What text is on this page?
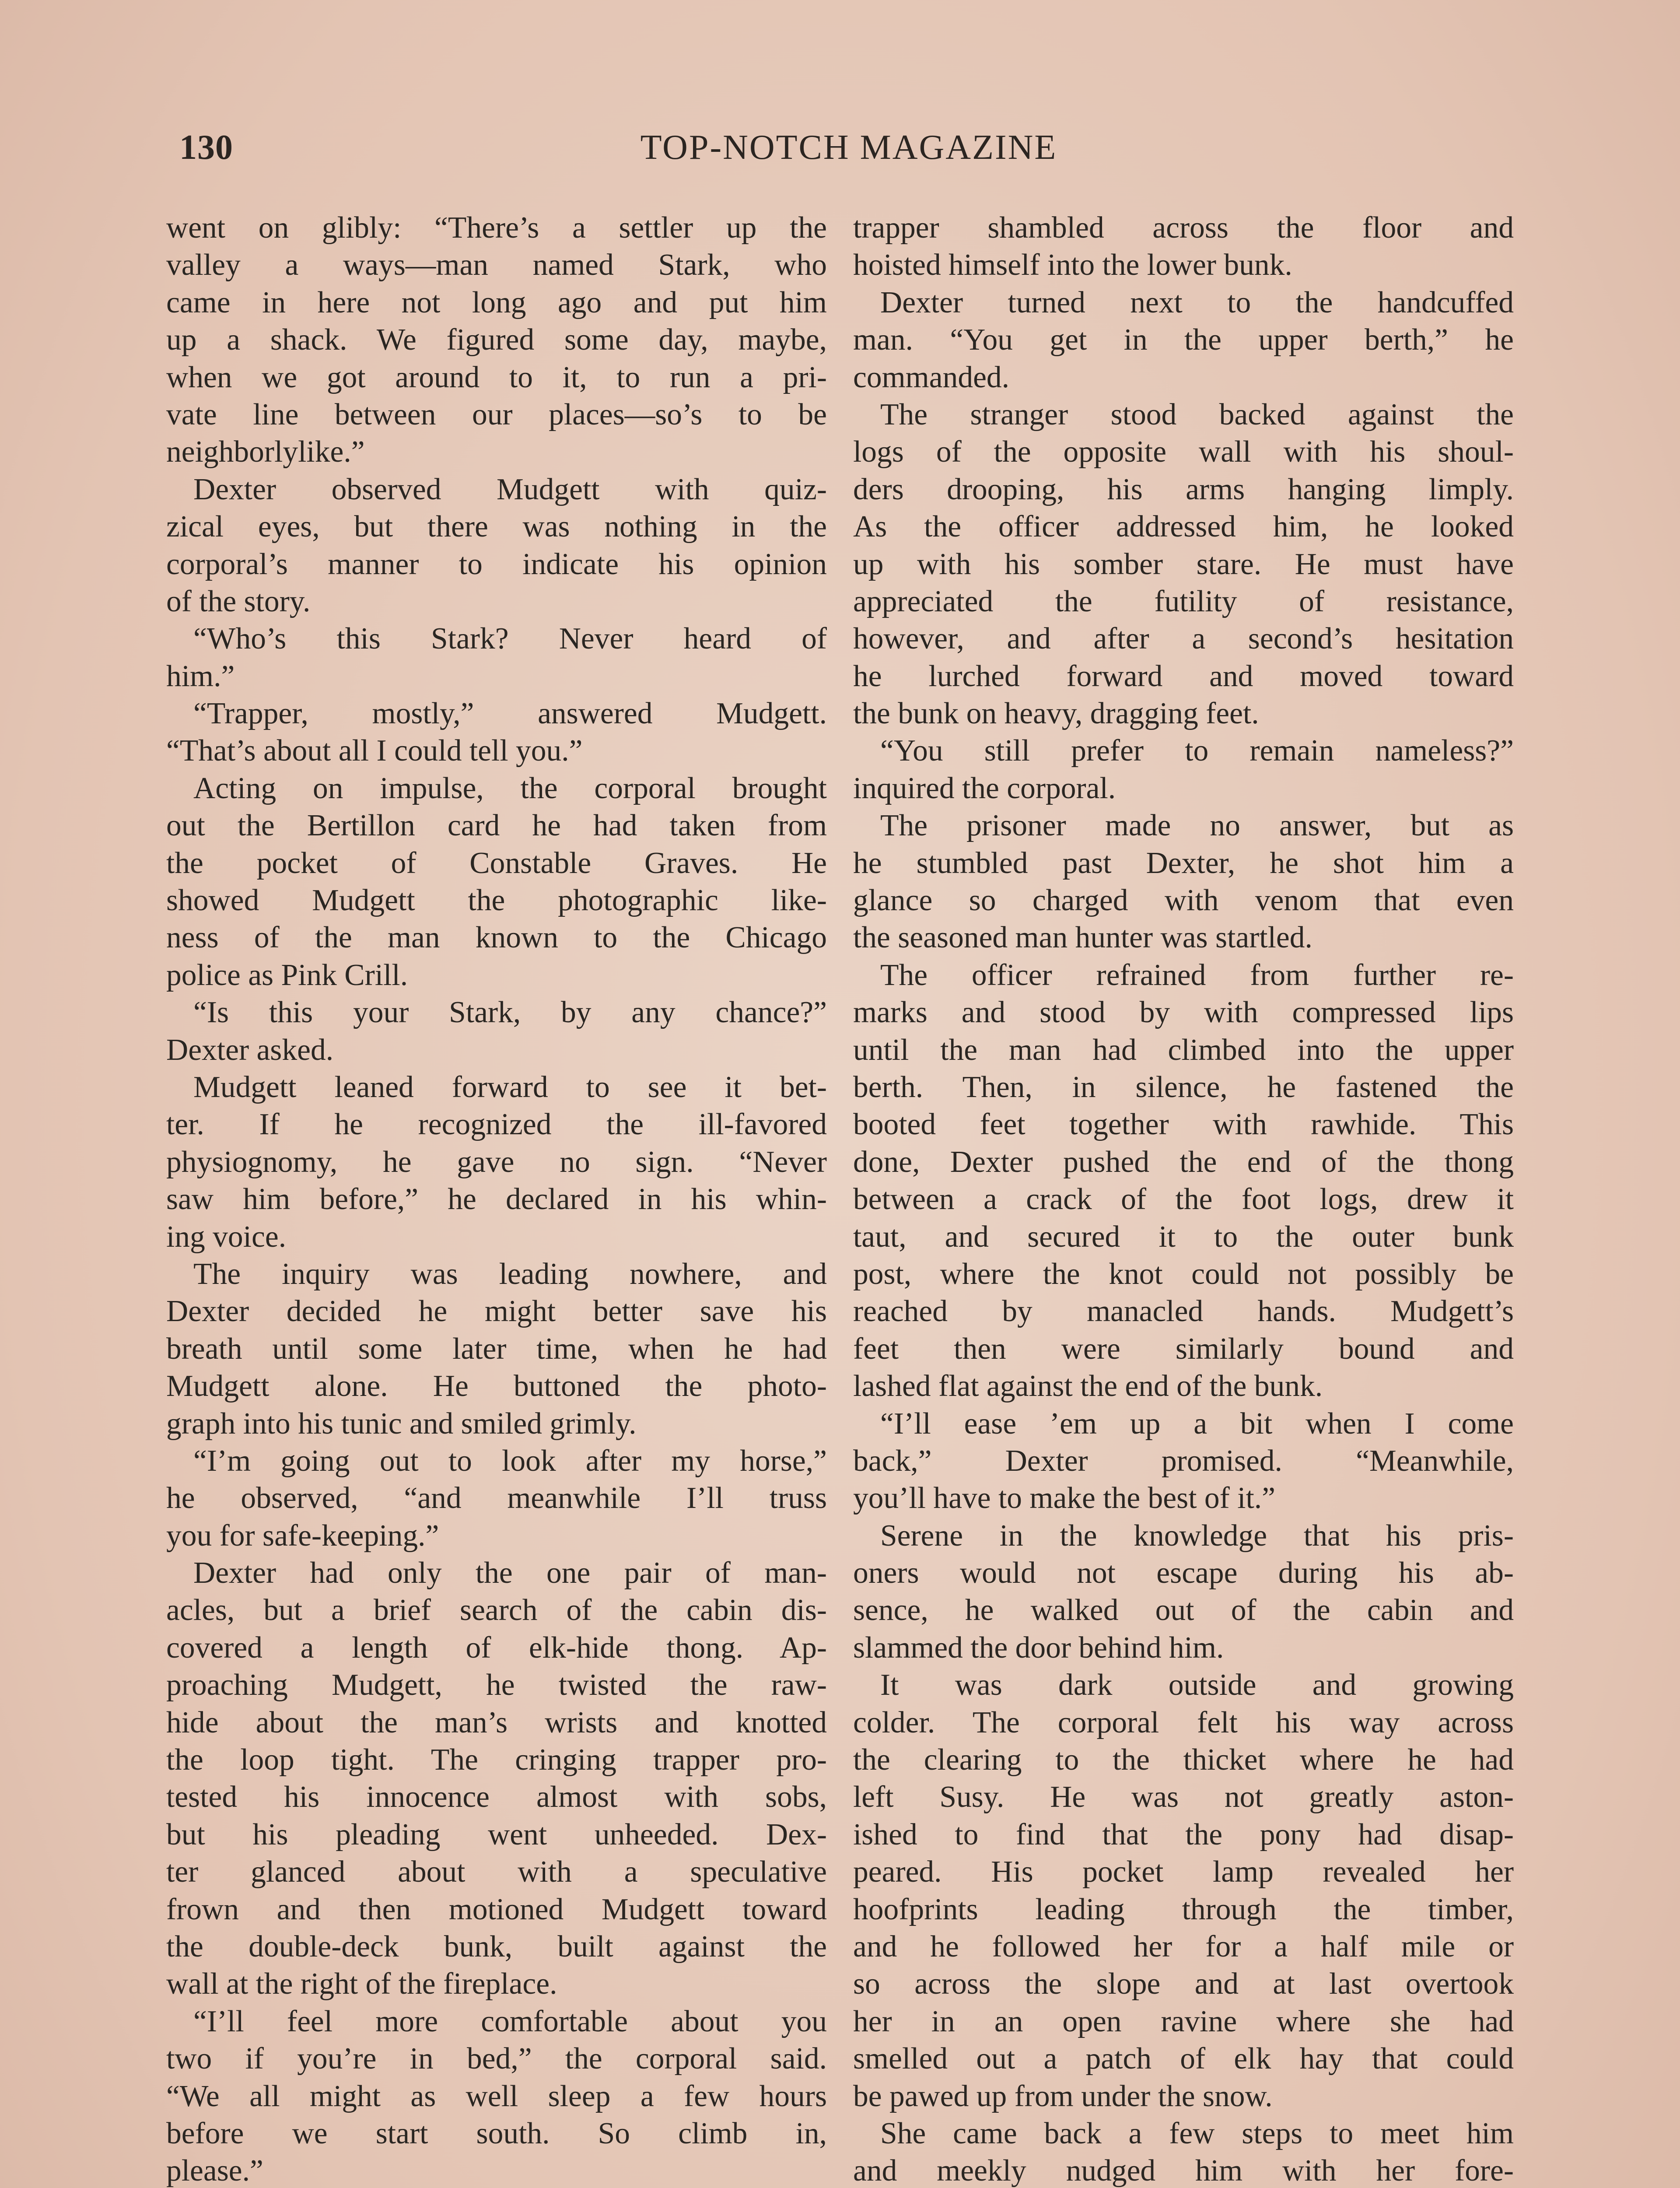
130	TOP-NOTCH MAGAZINE
went on glibly: “There’s a settler up the
valley a ways—man named Stark, who
came in here not long ago and put him
up a shack. We figured some day, maybe,
when we got around to it, to run a pri-
vate line between our places—so’s to be
neighborlylike.”
Dexter observed Mudgett with quiz-
zical eyes, but there was nothing in the
corporal’s manner to indicate his opinion
of the story.
“Who’s this Stark? Never heard of
him.”
“Trapper, mostly,” answered Mudgett.
“That’s about all I could tell you.”
Acting on impulse, the corporal brought
out the Bertillon card he had taken from
the pocket of Constable Graves. He
showed Mudgett the photographic like-
ness of the man known to the Chicago
police as Pink Crill.
“Is this your Stark, by any chance?”
Dexter asked.
Mudgett leaned forward to see it bet-
ter. If he recognized the ill-favored
physiognomy, he gave no sign. “Never
saw him before,” he declared in his whin-
ing voice.
The inquiry was leading nowhere, and
Dexter decided he might better save his
breath until some later time, when he had
Mudgett alone. He buttoned the photo-
graph into his tunic and smiled grimly.
“I’m going out to look after my horse,”
he observed, “and meanwhile I’ll truss
you for safe-keeping.”
Dexter had only the one pair of man-
acles, but a brief search of the cabin dis-
covered a length of elk-hide thong. Ap-
proaching Mudgett, he twisted the raw-
hide about the man’s wrists and knotted
the loop tight. The cringing trapper pro-
tested his innocence almost with sobs,
but his pleading went unheeded. Dex-
ter glanced about with a speculative
frown and then motioned Mudgett toward
the double-deck bunk, built against the
wall at the right of the fireplace.
“I’ll feel more comfortable about you
two if you’re in bed,” the corporal said.
“We all might as well sleep a few hours
before we start south. So climb in,
please.”
trapper shambled across the floor and
hoisted himself into the lower bunk.
Dexter turned next to the handcuffed
man. “You get in the upper berth,” he
commanded.
The stranger stood backed against the
logs of the opposite wall with his shoul-
ders drooping, his arms hanging limply.
As the officer addressed him, he looked
up with his somber stare. He must have
appreciated the futility of resistance,
however, and after a second’s hesitation
he lurched forward and moved toward
the bunk on heavy, dragging feet.
“You still prefer to remain nameless?”
inquired the corporal.
The prisoner made no answer, but as
he stumbled past Dexter, he shot him a
glance so charged with venom that even
the seasoned man hunter was startled.
The officer refrained from further re-
marks and stood by with compressed lips
until the man had climbed into the upper
berth. Then, in silence, he fastened the
booted feet together with rawhide. This
done, Dexter pushed the end of the thong
between a crack of the foot logs, drew it
taut, and secured it to the outer bunk
post, where the knot could not possibly be
reached by manacled hands. Mudgett’s
feet then were similarly bound and
lashed flat against the end of the bunk.
“I’ll ease ’em up a bit when I come
back,” Dexter promised. “Meanwhile,
you’ll have to make the best of it.”
Serene in the knowledge that his pris-
oners would not escape during his ab-
sence, he walked out of the cabin and
slammed the door behind him.
It was dark outside and growing
colder. The corporal felt his way across
the clearing to the thicket where he had
left Susy. He was not greatly aston-
ished to find that the pony had disap-
peared. His pocket lamp revealed her
hoofprints leading through the timber,
and he followed her for a half mile or
so across the slope and at last overtook
her in an open ravine where she had
smelled out a patch of elk hay that could
be pawed up from under the snow.
She came back a few steps to meet him
and meekly nudged him with her fore-
